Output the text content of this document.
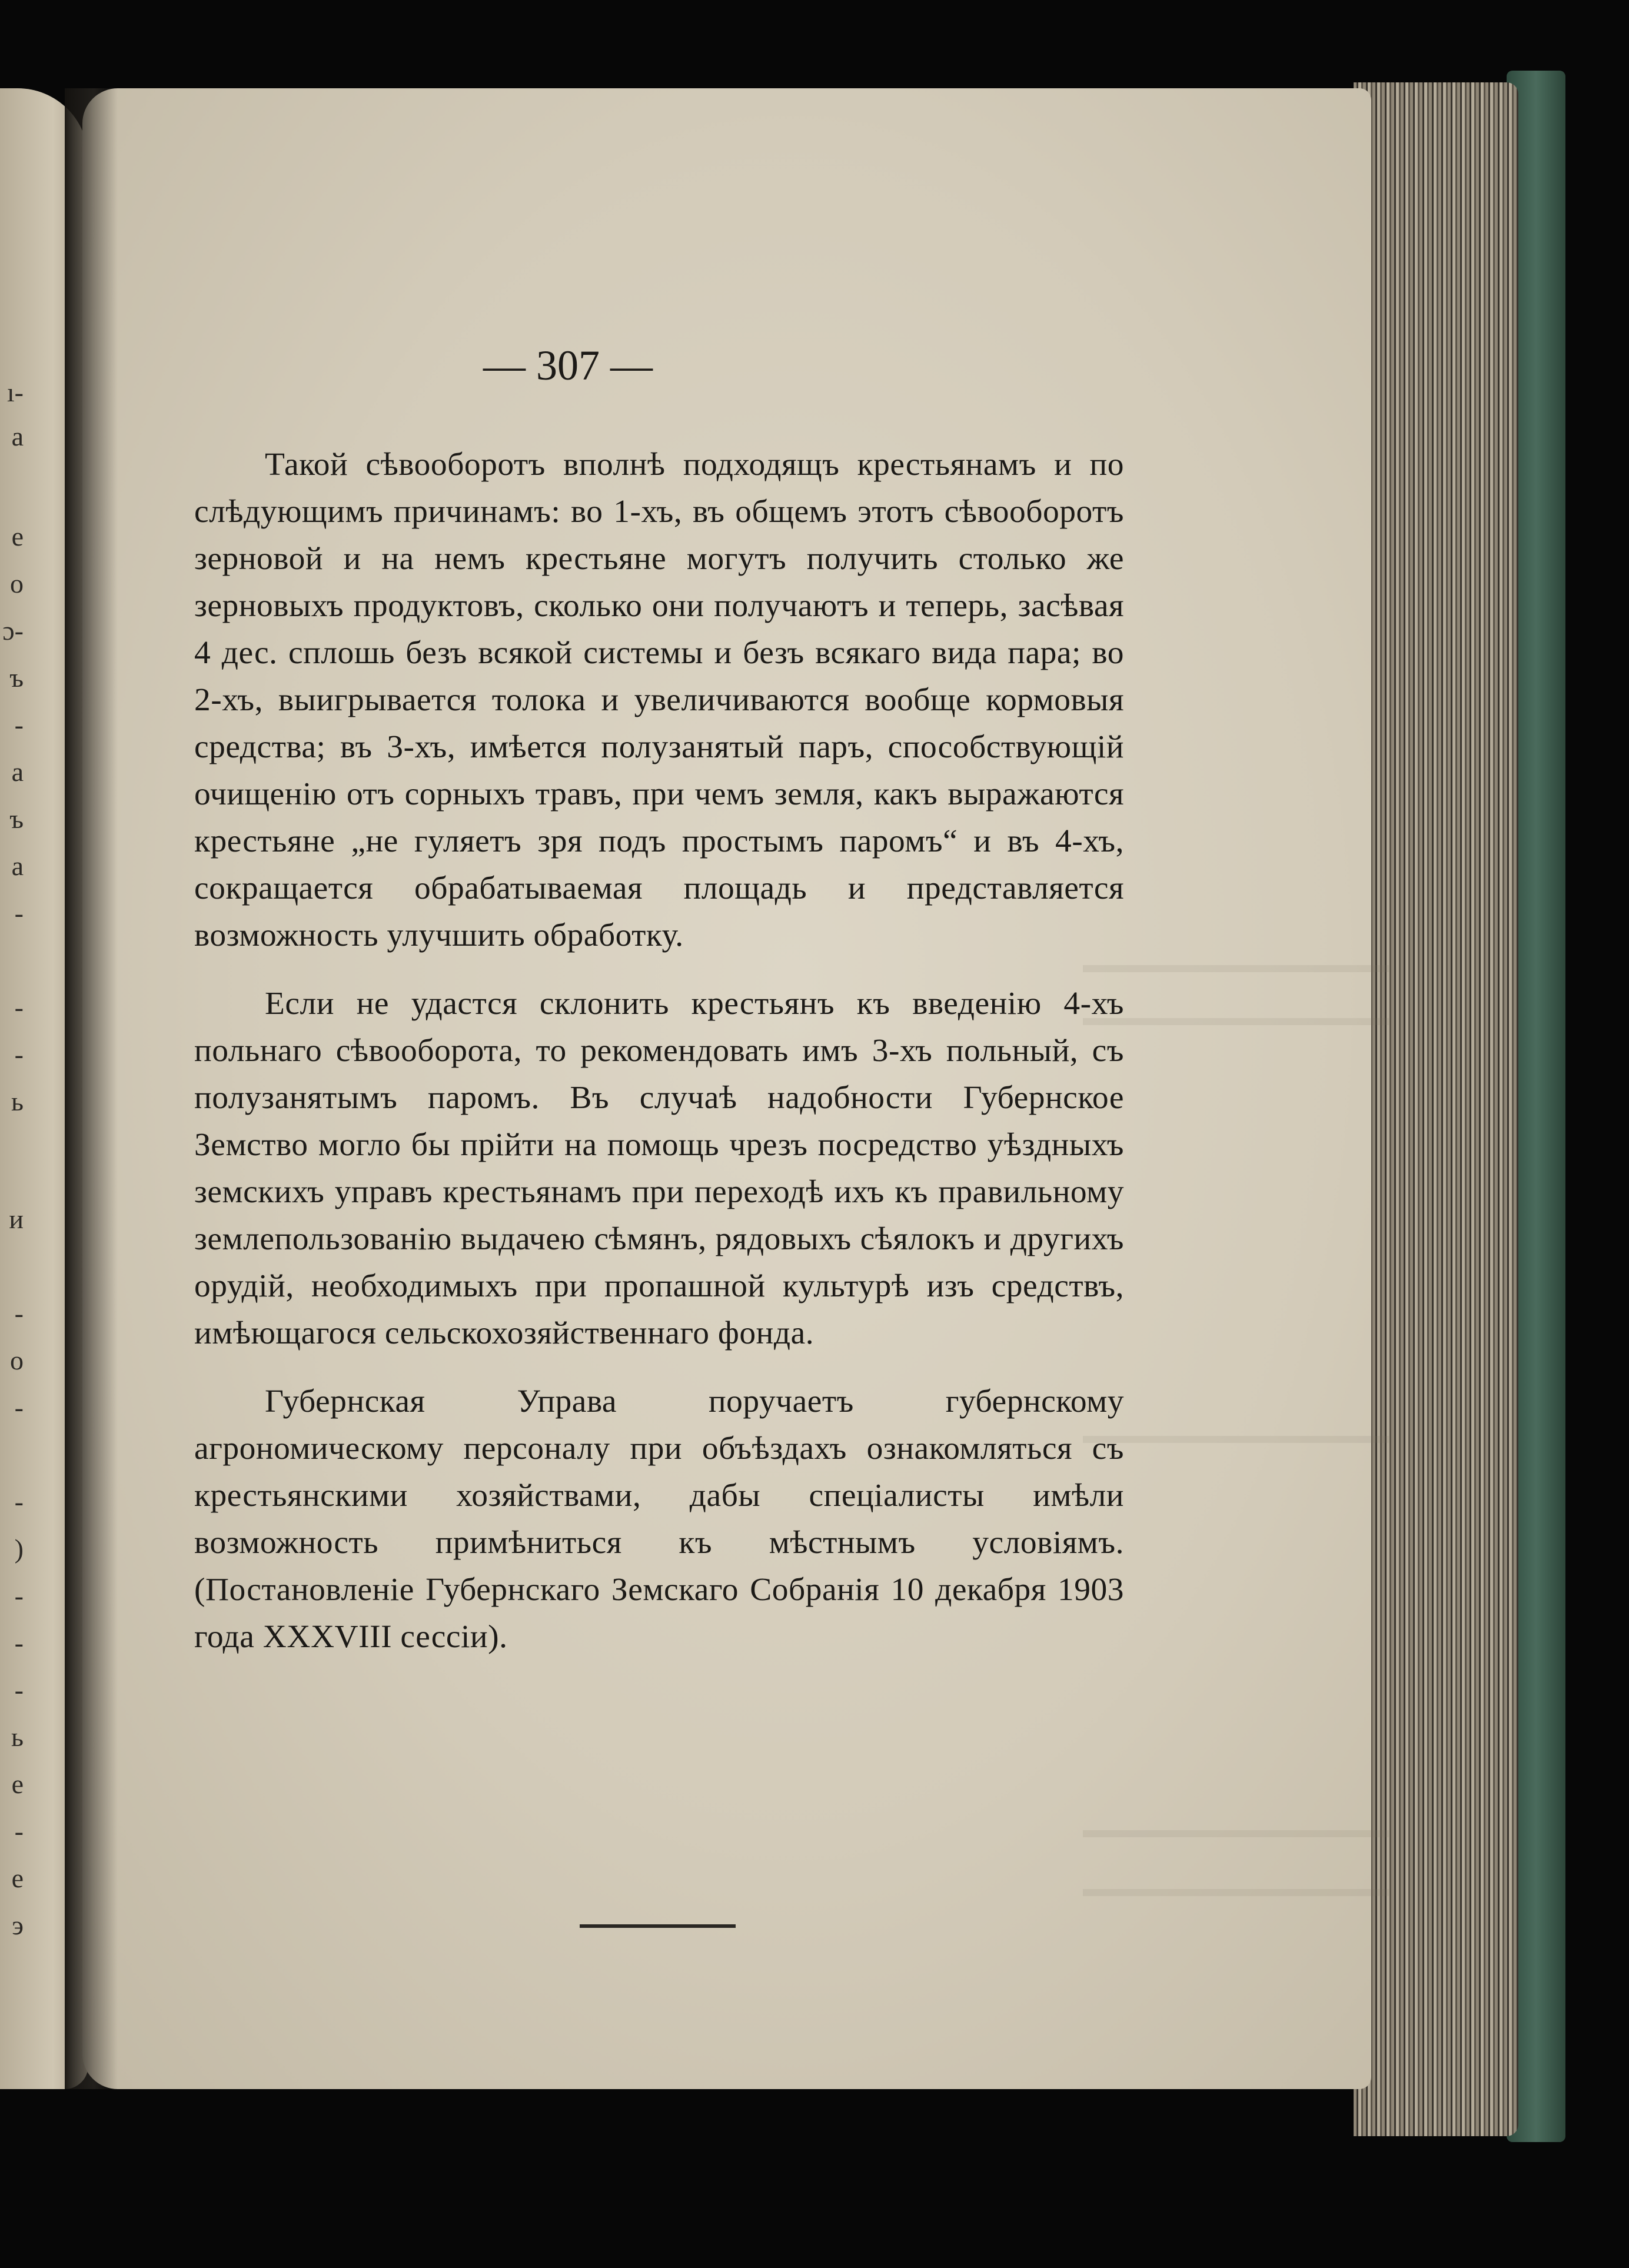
ı-
a
e
o
ɔ-
ъ
-
a
ъ
a
-
-
-
ь
и
-
o
-
-
)
-
-
-
ь
e
-
e
э
— 307 —

Такой сѣвооборотъ вполнѣ подходящъ крестьянамъ и по слѣдующимъ причинамъ: во 1-хъ, въ общемъ этотъ сѣвооборотъ зерновой и на немъ крестьяне могутъ получить столько же зерновыхъ продуктовъ, сколько они получаютъ и теперь, засѣвая 4 дес. сплошь безъ всякой системы и безъ всякаго вида пара; во 2-хъ, выигрывается толока и увеличиваются вообще кормовыя средства; въ 3-хъ, имѣется полузанятый паръ, способствующій очищенію отъ сорныхъ травъ, при чемъ земля, какъ выражаются крестьяне „не гуляетъ зря подъ простымъ паромъ“ и въ 4-хъ, сокращается обрабатываемая площадь и представляется возможность улучшить обработку.

Если не удастся склонить крестьянъ къ введенію 4-хъ польнаго сѣвооборота, то рекомендовать имъ 3-хъ польный, съ полузанятымъ паромъ. Въ случаѣ надобности Губернское Земство могло бы прійти на помощь чрезъ посредство уѣздныхъ земскихъ управъ крестьянамъ при переходѣ ихъ къ правильному землепользованію выдачею сѣмянъ, рядовыхъ сѣялокъ и другихъ орудій, необходимыхъ при пропашной культурѣ изъ средствъ, имѣющагося сельскохозяйственнаго фонда.

Губернская Управа поручаетъ губернскому агрономическому персоналу при объѣздахъ ознакомляться съ крестьянскими хозяйствами, дабы спеціалисты имѣли возможность примѣниться къ мѣстнымъ условіямъ. (Постановленіе Губернскаго Земскаго Собранія 10 декабря 1903 года XXXVIII сессіи).
